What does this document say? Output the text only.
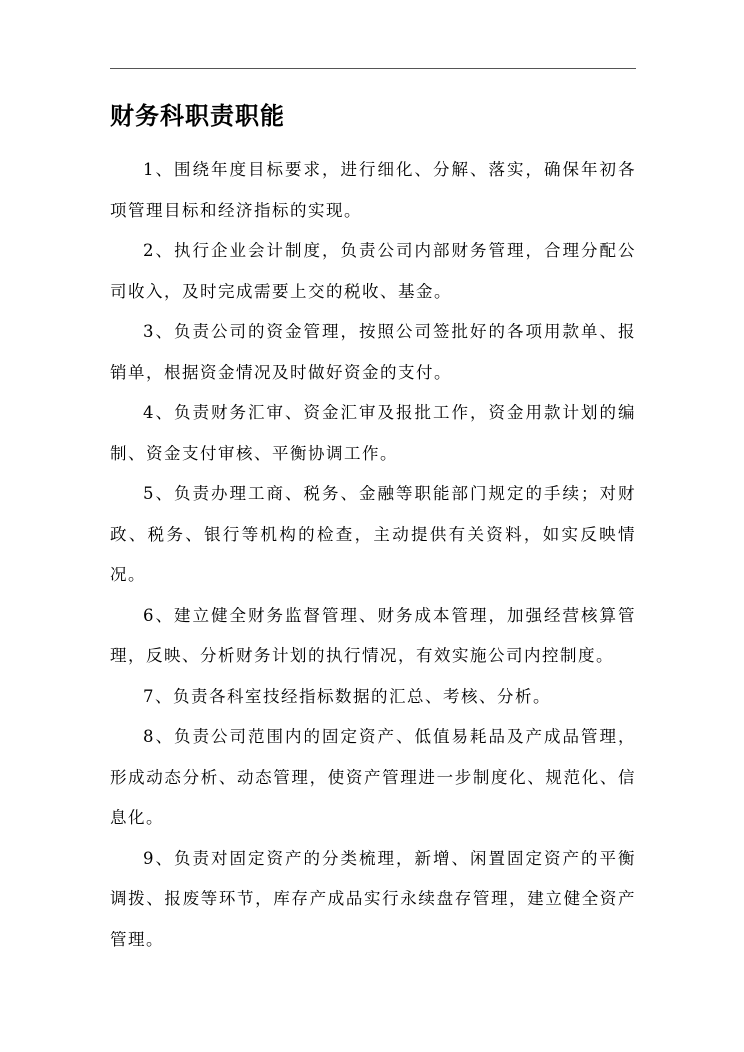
财务科职责职能

1、围绕年度目标要求，进行细化、分解、落实，确保年初各项管理目标和经济指标的实现。

2、执行企业会计制度，负责公司内部财务管理，合理分配公司收入，及时完成需要上交的税收、基金。

3、负责公司的资金管理，按照公司签批好的各项用款单、报销单，根据资金情况及时做好资金的支付。

4、负责财务汇审、资金汇审及报批工作，资金用款计划的编制、资金支付审核、平衡协调工作。

5、负责办理工商、税务、金融等职能部门规定的手续；对财政、税务、银行等机构的检查，主动提供有关资料，如实反映情况。

6、建立健全财务监督管理、财务成本管理，加强经营核算管理，反映、分析财务计划的执行情况，有效实施公司内控制度。

7、负责各科室技经指标数据的汇总、考核、分析。

8、负责公司范围内的固定资产、低值易耗品及产成品管理，形成动态分析、动态管理，使资产管理进一步制度化、规范化、信息化。

9、负责对固定资产的分类梳理，新增、闲置固定资产的平衡调拨、报废等环节，库存产成品实行永续盘存管理，建立健全资产管理。
